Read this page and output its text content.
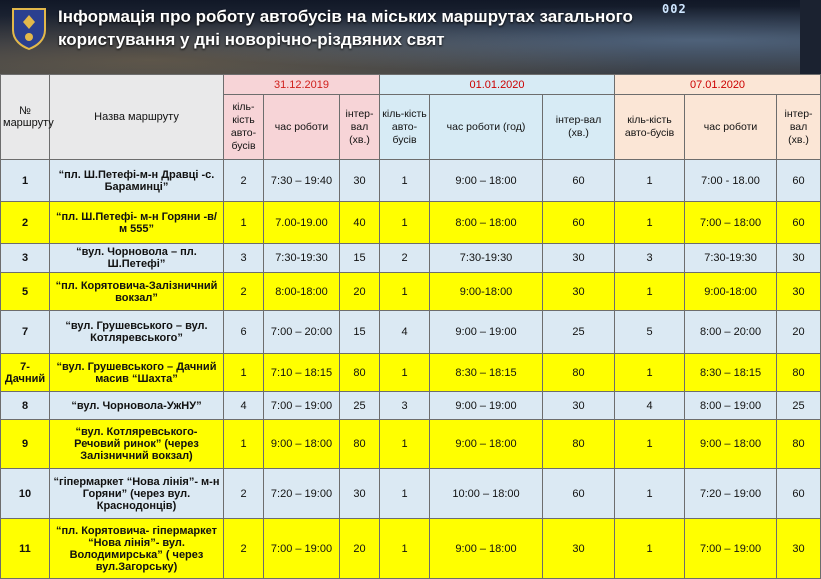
002
Інформація про роботу автобусів на міських маршрутах загального користування у дні новорічно-різдвяних свят
№ маршруту	Назва маршруту	31.12.2019			01.01.2020			07.01.2020		
		кіль-кість авто-бусів	час роботи	інтер-вал (хв.)	кіль-кість авто-бусів	час роботи (год)	інтер-вал (хв.)	кіль-кість авто-бусів	час роботи	інтер-вал (хв.)
1	“пл. Ш.Петефі-м-н Дравці -с. Бараминці”	2	7:30 – 19:40	30	1	9:00 – 18:00	60	1	7:00 - 18.00	60
2	“пл. Ш.Петефі- м-н Горяни -в/м 555”	1	7.00-19.00	40	1	8:00 – 18:00	60	1	7:00 – 18:00	60
3	“вул. Чорновола – пл. Ш.Петефі”	3	7:30-19:30	15	2	7:30-19:30	30	3	7:30-19:30	30
5	“пл. Корятовича-Залізничний вокзал”	2	8:00-18:00	20	1	9:00-18:00	30	1	9:00-18:00	30
7	“вул. Грушевського – вул. Котляревського”	6	7:00 – 20:00	15	4	9:00 – 19:00	25	5	8:00 – 20:00	20
7-Дачний	“вул. Грушевського – Дачний масив “Шахта”	1	7:10 – 18:15	80	1	8:30 – 18:15	80	1	8:30 – 18:15	80
8	“вул. Чорновола-УжНУ”	4	7:00 – 19:00	25	3	9:00 – 19:00	30	4	8:00 – 19:00	25
9	“вул. Котляревського- Речовий ринок” (через Залізничний вокзал)	1	9:00 – 18:00	80	1	9:00 – 18:00	80	1	9:00 – 18:00	80
10	“гіпермаркет “Нова лінія”- м-н Горяни” (через вул. Краснодонців)	2	7:20 – 19:00	30	1	10:00 – 18:00	60	1	7:20 – 19:00	60
11	“пл. Корятовича- гіпермаркет “Нова лінія”- вул. Володимирська” ( через вул.Загорськy)	2	7:00 – 19:00	20	1	9:00 – 18:00	30	1	7:00 – 19:00	30
